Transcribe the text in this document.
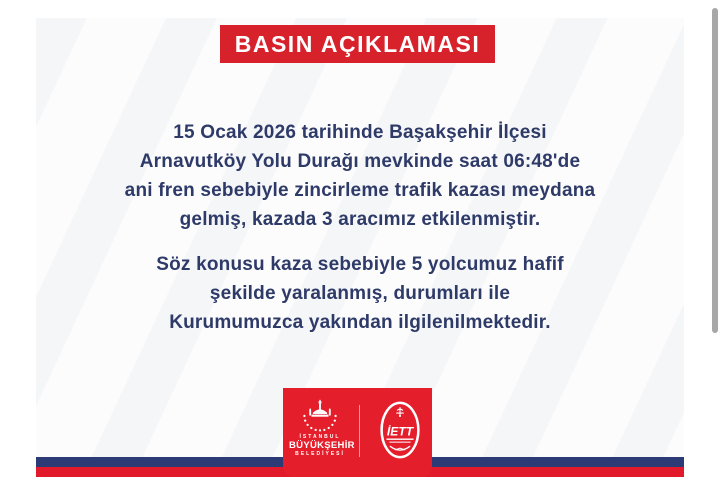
BASIN AÇIKLAMASI
15 Ocak 2026 tarihinde Başakşehir İlçesi
Arnavutköy Yolu Durağı mevkinde saat 06:48'de
ani fren sebebiyle zincirleme trafik kazası meydana
gelmiş, kazada 3 aracımız etkilenmiştir.
Söz konusu kaza sebebiyle 5 yolcumuz hafif
şekilde yaralanmış, durumları ile
Kurumumuzca yakından ilgilenilmektedir.
İSTANBUL
BÜYÜKŞEHİR
BELEDİYESİ
İETT
